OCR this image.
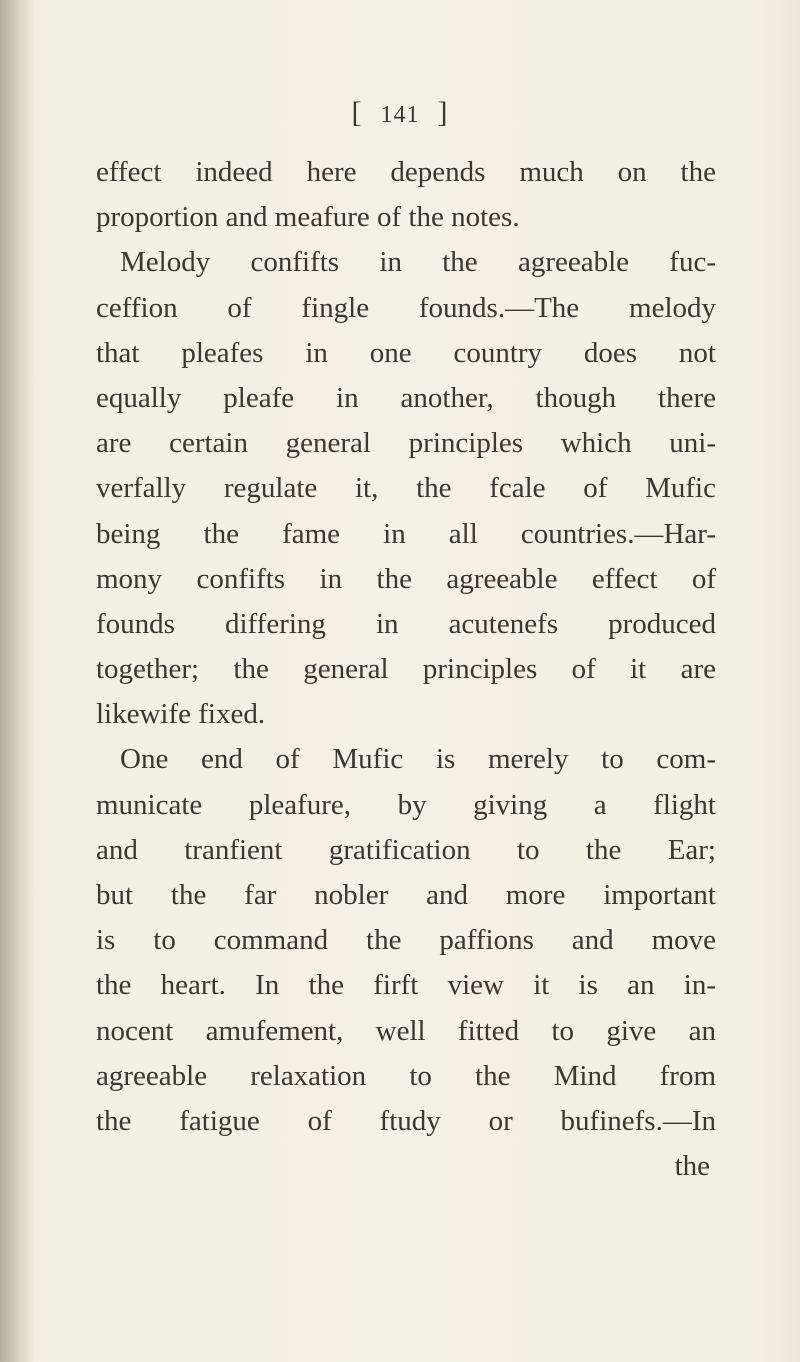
[ 141 ]
effect indeed here depends much on the
proportion and meafure of the notes.
Melody confifts in the agreeable fuc-
ceffion of fingle founds.—The melody
that pleafes in one country does not
equally pleafe in another, though there
are certain general principles which uni-
verfally regulate it, the fcale of Mufic
being the fame in all countries.—Har-
mony confifts in the agreeable effect of
founds differing in acutenefs produced
together; the general principles of it are
likewife fixed.
One end of Mufic is merely to com-
municate pleafure, by giving a flight
and tranfient gratification to the Ear;
but the far nobler and more important
is to command the paffions and move
the heart. In the firft view it is an in-
nocent amufement, well fitted to give an
agreeable relaxation to the Mind from
the fatigue of ftudy or bufinefs.—In
the
